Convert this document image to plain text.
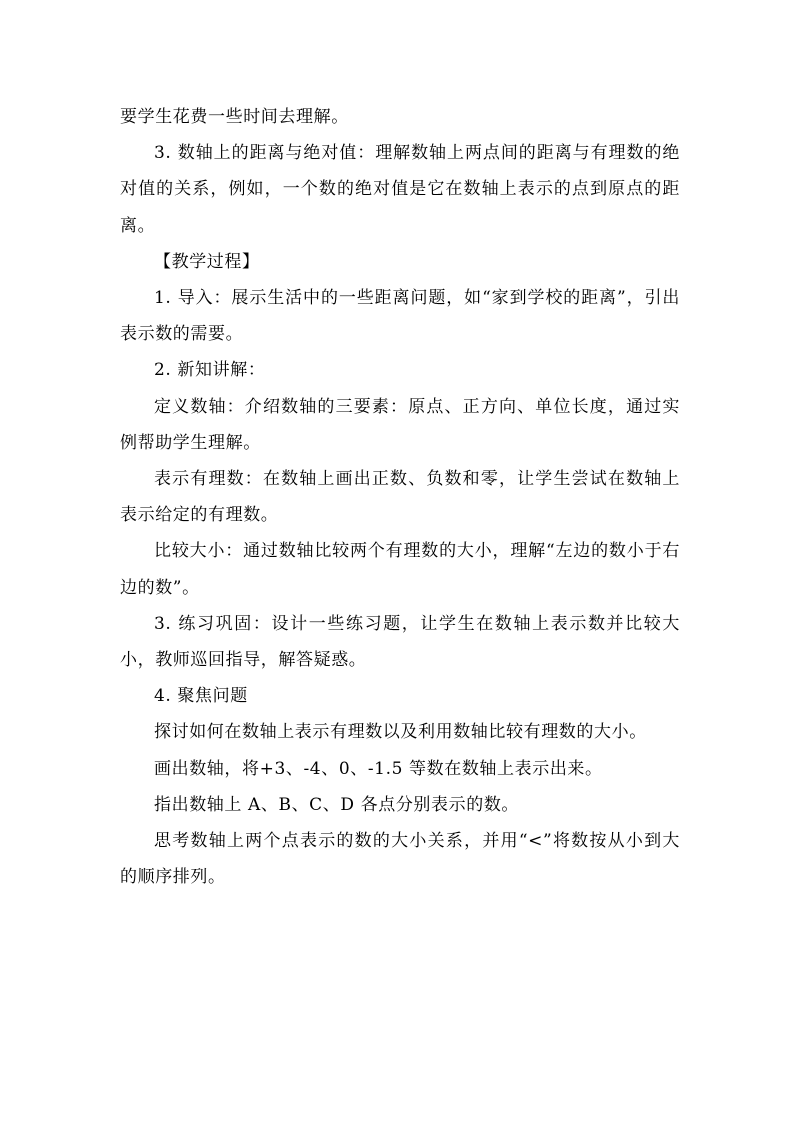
要学生花费一些时间去理解。

3. 数轴上的距离与绝对值：理解数轴上两点间的距离与有理数的绝对值的关系，例如，一个数的绝对值是它在数轴上表示的点到原点的距离。

【教学过程】

1. 导入：展示生活中的一些距离问题，如“家到学校的距离”，引出表示数的需要。

2. 新知讲解：

定义数轴：介绍数轴的三要素：原点、正方向、单位长度，通过实例帮助学生理解。

表示有理数：在数轴上画出正数、负数和零，让学生尝试在数轴上表示给定的有理数。

比较大小：通过数轴比较两个有理数的大小，理解“左边的数小于右边的数”。

3. 练习巩固：设计一些练习题，让学生在数轴上表示数并比较大小，教师巡回指导，解答疑惑。

4. 聚焦问题

探讨如何在数轴上表示有理数以及利用数轴比较有理数的大小。

画出数轴，将+3、-4、0、-1.5 等数在数轴上表示出来。

指出数轴上 A、B、C、D 各点分别表示的数。

思考数轴上两个点表示的数的大小关系，并用“<”将数按从小到大的顺序排列。
